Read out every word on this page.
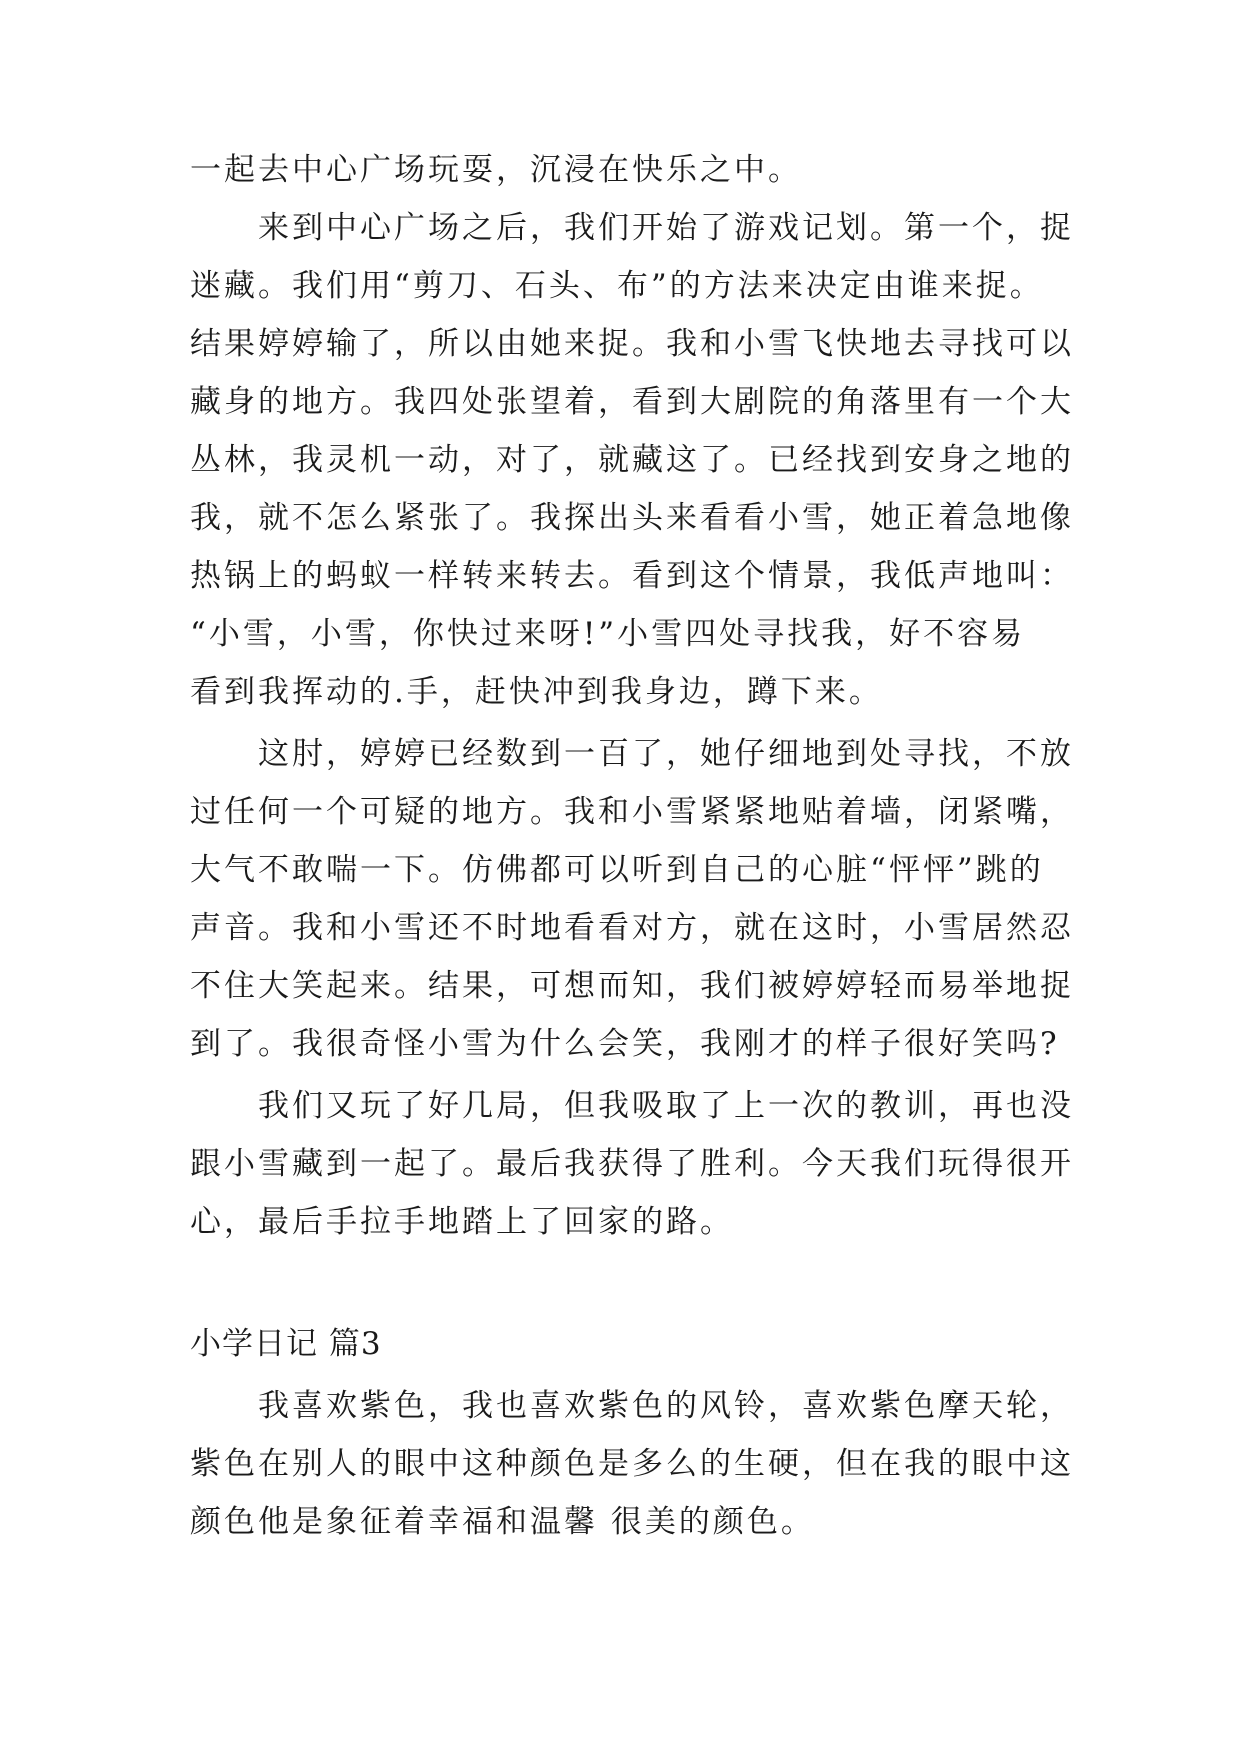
一起去中心广场玩耍，沉浸在快乐之中。
　　来到中心广场之后，我们开始了游戏记划。第一个，捉
迷藏。我们用“剪刀、石头、布”的方法来决定由谁来捉。
结果婷婷输了，所以由她来捉。我和小雪飞快地去寻找可以
藏身的地方。我四处张望着，看到大剧院的角落里有一个大
丛林，我灵机一动，对了，就藏这了。已经找到安身之地的
我，就不怎么紧张了。我探出头来看看小雪，她正着急地像
热锅上的蚂蚁一样转来转去。看到这个情景，我低声地叫：
“小雪，小雪，你快过来呀!”小雪四处寻找我，好不容易
看到我挥动的.手，赶快冲到我身边，蹲下来。
　　这肘，婷婷已经数到一百了，她仔细地到处寻找，不放
过任何一个可疑的地方。我和小雪紧紧地贴着墙，闭紧嘴，
大气不敢喘一下。仿佛都可以听到自己的心脏“怦怦”跳的
声音。我和小雪还不时地看看对方，就在这时，小雪居然忍
不住大笑起来。结果，可想而知，我们被婷婷轻而易举地捉
到了。我很奇怪小雪为什么会笑，我刚才的样子很好笑吗?
　　我们又玩了好几局，但我吸取了上一次的教训，再也没
跟小雪藏到一起了。最后我获得了胜利。今天我们玩得很开
心，最后手拉手地踏上了回家的路。
小学日记 篇3
　　我喜欢紫色，我也喜欢紫色的风铃，喜欢紫色摩天轮，
紫色在别人的眼中这种颜色是多么的生硬，但在我的眼中这
颜色他是象征着幸福和温馨 很美的颜色。
